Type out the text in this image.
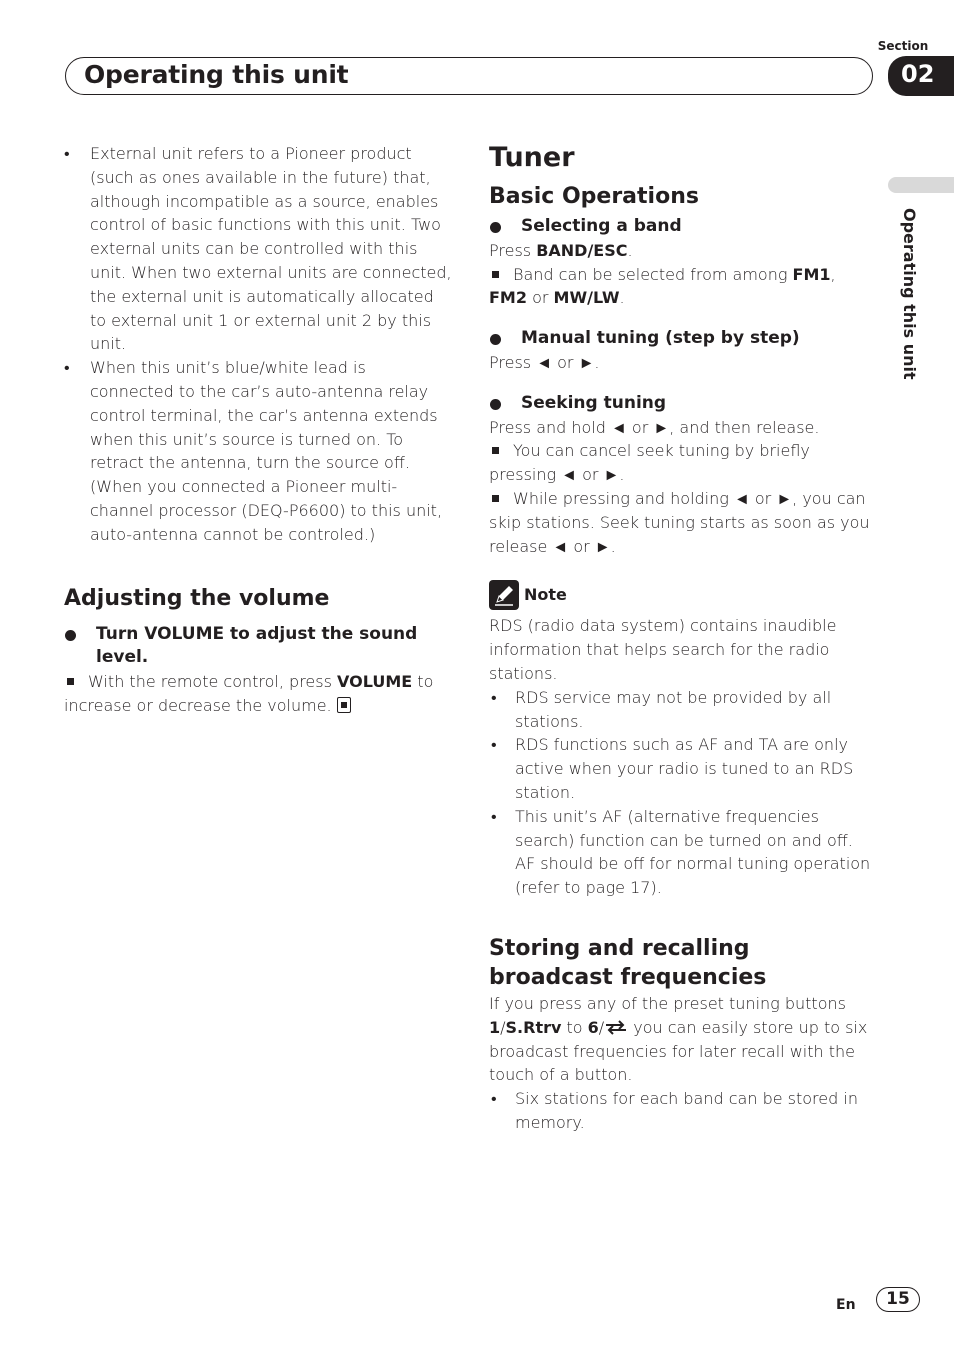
Section
Operating this unit	02
Operating this unit
• External unit refers to a Pioneer product (such as ones available in the future) that, although incompatible as a source, enables control of basic functions with this unit. Two external units can be controlled with this unit. When two external units are connected, the external unit is automatically allocated to external unit 1 or external unit 2 by this unit.
• When this unit’s blue/white lead is connected to the car’s auto-antenna relay control terminal, the car’s antenna extends when this unit’s source is turned on. To retract the antenna, turn the source off. (When you connected a Pioneer multi-channel processor (DEQ-P6600) to this unit, auto-antenna cannot be controled.)
Adjusting the volume
Turn VOLUME to adjust the sound level.
With the remote control, press VOLUME to increase or decrease the volume.
Tuner
Basic Operations
Selecting a band
Press BAND/ESC.
Band can be selected from among FM1, FM2 or MW/LW.
Manual tuning (step by step)
Press ◄ or ►.
Seeking tuning
Press and hold ◄ or ►, and then release.
You can cancel seek tuning by briefly pressing ◄ or ►.
While pressing and holding ◄ or ►, you can skip stations. Seek tuning starts as soon as you release ◄ or ►.
Note
RDS (radio data system) contains inaudible information that helps search for the radio stations.
• RDS service may not be provided by all stations.
• RDS functions such as AF and TA are only active when your radio is tuned to an RDS station.
• This unit’s AF (alternative frequencies search) function can be turned on and off. AF should be off for normal tuning operation (refer to page 17).
Storing and recalling broadcast frequencies
If you press any of the preset tuning buttons 1/S.Rtrv to 6/ you can easily store up to six broadcast frequencies for later recall with the touch of a button.
• Six stations for each band can be stored in memory.
En	15
